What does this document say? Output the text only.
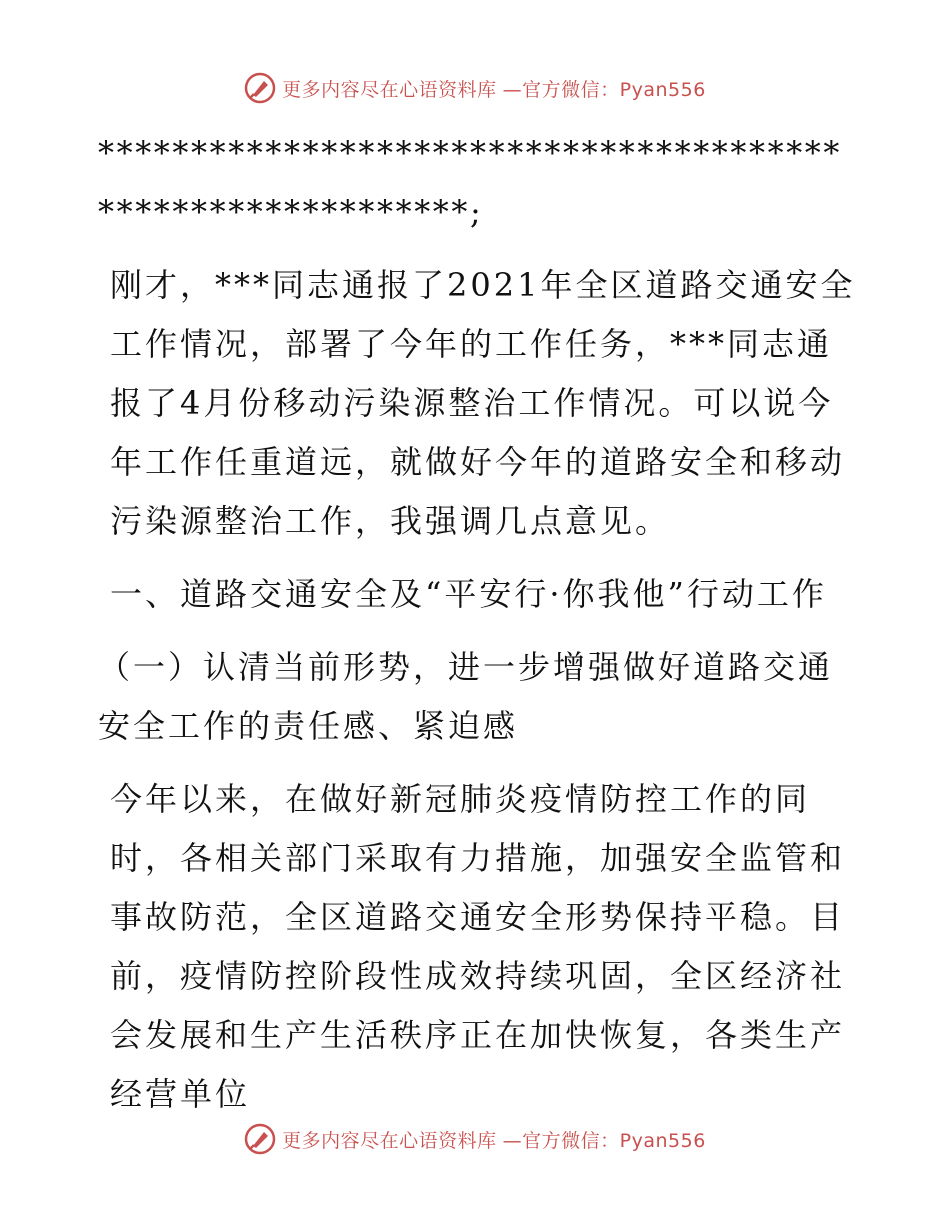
更多内容尽在心语资料库 —官方微信：Pyan556
************************************************************;
刚才，***同志通报了2021年全区道路交通安全工作情况，部署了今年的工作任务，***同志通报了4月份移动污染源整治工作情况。可以说今年工作任重道远，就做好今年的道路安全和移动污染源整治工作，我强调几点意见。
一、道路交通安全及“平安行·你我他”行动工作
（一）认清当前形势，进一步增强做好道路交通安全工作的责任感、紧迫感
今年以来，在做好新冠肺炎疫情防控工作的同时，各相关部门采取有力措施，加强安全监管和事故防范，全区道路交通安全形势保持平稳。目前，疫情防控阶段性成效持续巩固，全区经济社会发展和生产生活秩序正在加快恢复，各类生产经营单位
更多内容尽在心语资料库 —官方微信：Pyan556
